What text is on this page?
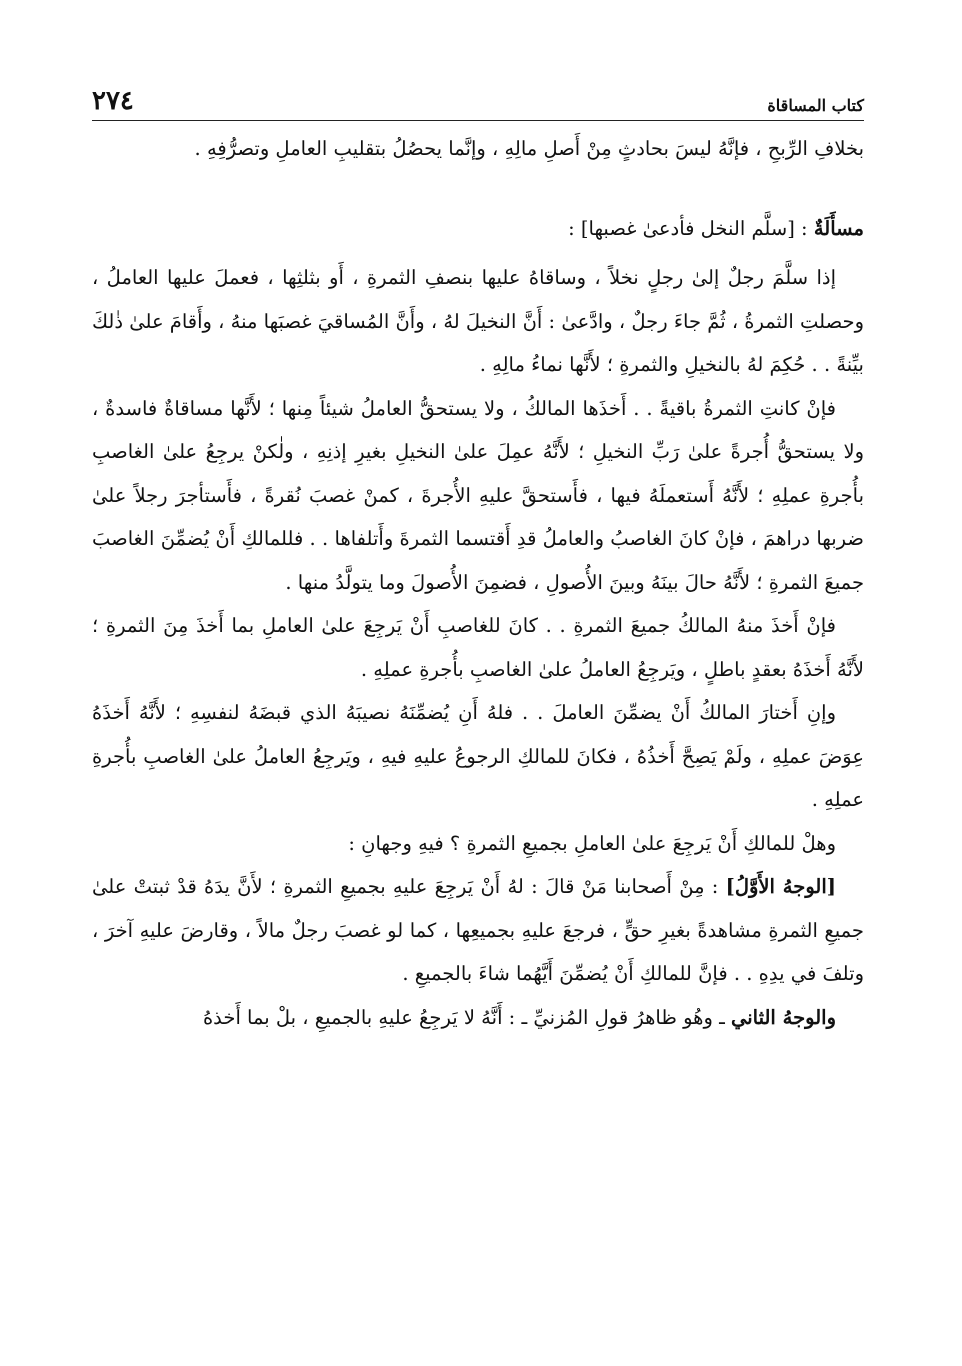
كتاب المساقاة
٢٧٤

بخلافِ الرِّبحِ ، فإنَّهُ ليسَ بحادثٍ مِنْ أَصلِ مالِهِ ، وإنَّما يحصُلُ بتقليبِ العاملِ وتصرُّفِهِ .

مسأَلَةٌ : [سلَّم النخل فأدعىٰ غصبها] :

إذا سلَّمَ رجلٌ إلىٰ رجلٍ نخلاً ، وساقاهُ عليها بنصفِ الثمرةِ ، أَو بثلثِها ، فعملَ عليها العاملُ ، وحصلتِ الثمرةُ ، ثُمَّ جاءَ رجلٌ ، وادَّعىٰ : أَنَّ النخيلَ لهُ ، وأَنَّ المُساقيَ غصبَها منهُ ، وأَقامَ علىٰ ذٰلكَ بيِّنةً . . حُكِمَ لهُ بالنخيلِ والثمرةِ ؛ لأَنَّها نماءُ مالِهِ .

فإنْ كانتِ الثمرةُ باقيةً . . أَخذَها المالكُ ، ولا يستحقُّ العاملُ شيئاً مِنها ؛ لأَنَّها مساقاةٌ فاسدةٌ ، ولا يستحقُّ أُجرةً علىٰ رَبِّ النخيلِ ؛ لأَنَّهُ عمِلَ علىٰ النخيلِ بغيرِ إذنِهِ ، ولٰكنْ يرجِعُ علىٰ الغاصبِ بأُجرةِ عملِهِ ؛ لأَنَّهُ أَستعملَهُ فيها ، فأَستحقَّ عليهِ الأُجرةَ ، كمنْ غصبَ نُقرةً ، فأَستأجرَ رجلاً علىٰ ضربها دراهمَ ، فإنْ كانَ الغاصبُ والعاملُ قدِ أَقتسما الثمرةَ وأَتلفاها . . فللمالكِ أَنْ يُضمِّنَ الغاصبَ جميعَ الثمرةِ ؛ لأَنَّهُ حالَ بينَهُ وبينَ الأُصولِ ، فضمِنَ الأُصولَ وما يتولَّدُ منها .

فإنْ أَخذَ منهُ المالكُ جميعَ الثمرةِ . . كانَ للغاصبِ أَنْ يَرجِعَ علىٰ العاملِ بما أَخذَ مِنَ الثمرةِ ؛ لأَنَّهُ أَخذَهُ بعقدٍ باطلٍ ، ويَرجِعُ العاملُ علىٰ الغاصبِ بأُجرةِ عملِهِ .

وإنِ أَختارَ المالكُ أَنْ يضمِّنَ العاملَ . . فلهُ أَنِ يُضمِّنَهُ نصيبَهُ الذي قبضَهُ لنفسِهِ ؛ لأَنَّهُ أَخذَهُ عِوَضَ عملِهِ ، ولَمْ يَصِحَّ أَخذُهُ ، فكانَ للمالكِ الرجوعُ عليهِ فيهِ ، ويَرجِعُ العاملُ علىٰ الغاصبِ بأُجرةِ عملِهِ .

وهلْ للمالكِ أَنْ يَرجِعَ علىٰ العاملِ بجميعِ الثمرةِ ؟ فيهِ وجهانِ :

[الوجهُ الأَوَّلُ] : مِنْ أَصحابنا مَنْ قالَ : لهُ أَنْ يَرجِعَ عليهِ بجميعِ الثمرةِ ؛ لأَنَّ يدَهُ قدْ ثبتتْ علىٰ جميعِ الثمرةِ مشاهدةً بغيرِ حقٍّ ، فرجعَ عليهِ بجميعِها ، كما لو غصبَ رجلٌ مالاً ، وقارضَ عليهِ آخرَ ، وتلفَ في يدِهِ . . فإنَّ للمالكِ أَنْ يُضمِّنَ أَيَّهُما شاءَ بالجميعِ .

والوجهُ الثاني ـ وهُو ظاهرُ قولِ المُزنيِّ ـ : أَنَّهُ لا يَرجِعُ عليهِ بالجميعِ ، بلْ بما أَخذهُ
